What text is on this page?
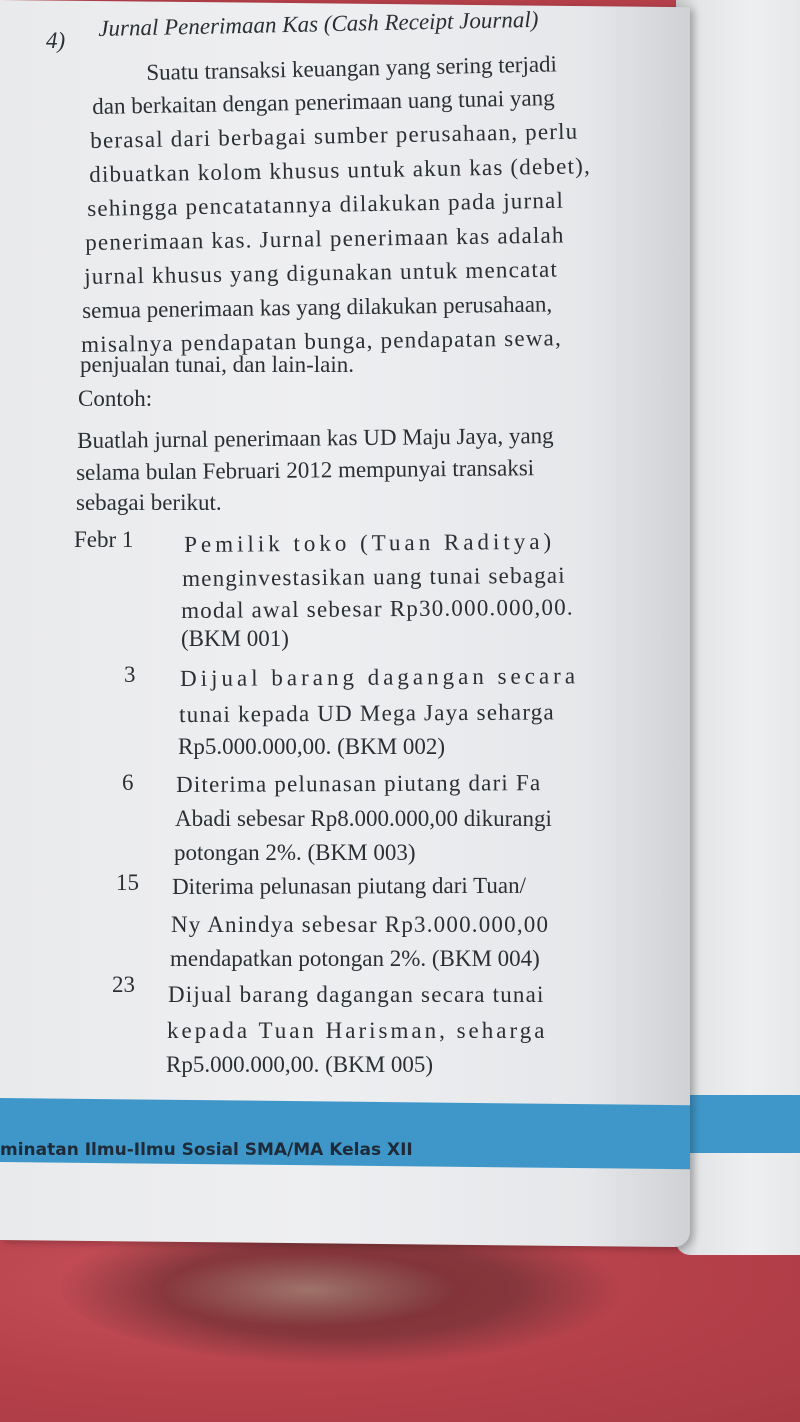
4) Jurnal Penerimaan Kas (Cash Receipt Journal)
Suatu transaksi keuangan yang sering terjadi
dan berkaitan dengan penerimaan uang tunai yang
berasal dari berbagai sumber perusahaan, perlu
dibuatkan kolom khusus untuk akun kas (debet),
sehingga pencatatannya dilakukan pada jurnal
penerimaan kas. Jurnal penerimaan kas adalah
jurnal khusus yang digunakan untuk mencatat
semua penerimaan kas yang dilakukan perusahaan,
misalnya pendapatan bunga, pendapatan sewa,
penjualan tunai, dan lain-lain.
Contoh:
Buatlah jurnal penerimaan kas UD Maju Jaya, yang
selama bulan Februari 2012 mempunyai transaksi
sebagai berikut.
Febr 1 Pemilik toko (Tuan Raditya)
menginvestasikan uang tunai sebagai
modal awal sebesar Rp30.000.000,00.
(BKM 001)
3 Dijual barang dagangan secara
tunai kepada UD Mega Jaya seharga
Rp5.000.000,00. (BKM 002)
6 Diterima pelunasan piutang dari Fa
Abadi sebesar Rp8.000.000,00 dikurangi
potongan 2%. (BKM 003)
15 Diterima pelunasan piutang dari Tuan/
Ny Anindya sebesar Rp3.000.000,00
mendapatkan potongan 2%. (BKM 004)
23 Dijual barang dagangan secara tunai
kepada Tuan Harisman, seharga
Rp5.000.000,00. (BKM 005)
minatan Ilmu-Ilmu Sosial SMA/MA Kelas XII
